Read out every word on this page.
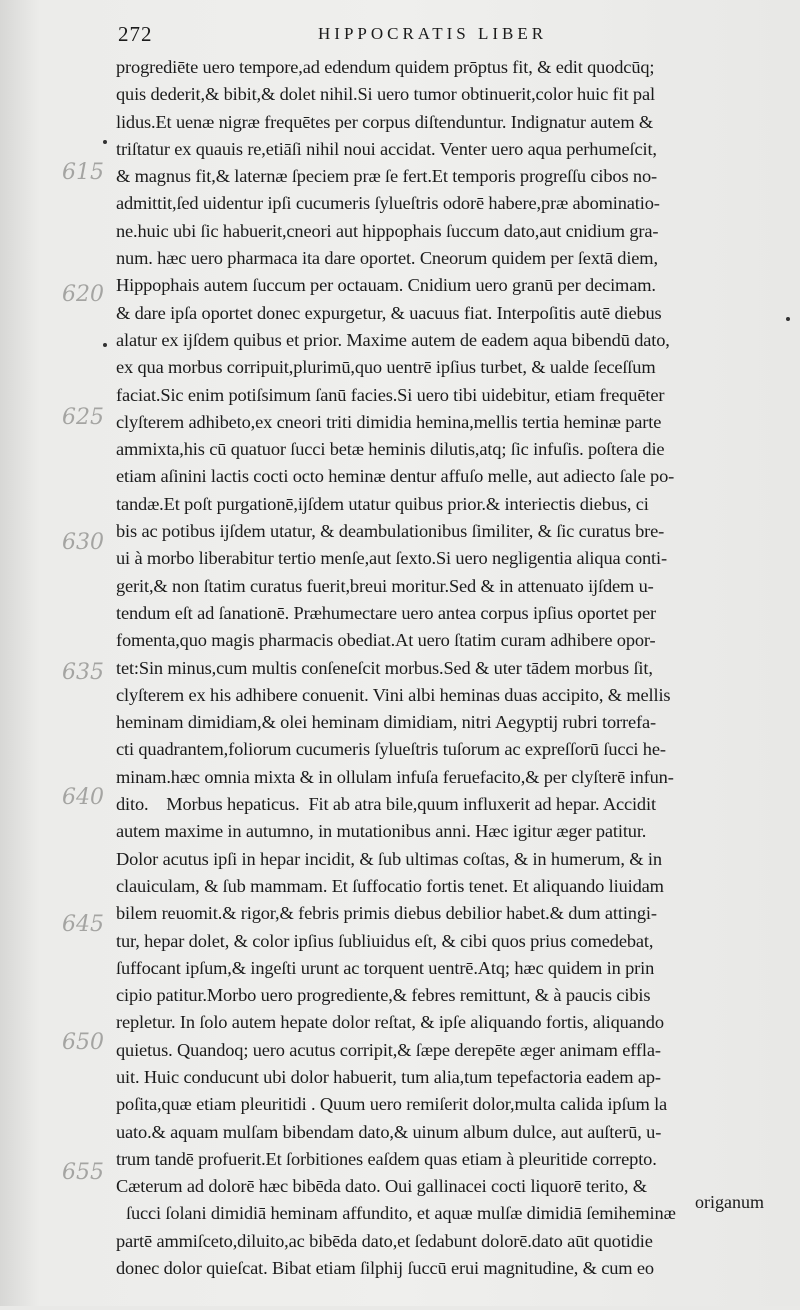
272	HIPPOCRATIS LIBER
615
620
625
630
635
640
645
650
655
progrediēte uero tempore,ad edendum quidem prōptus fit, & edit quodcūq;
quis dederit,& bibit,& dolet nihil.Si uero tumor obtinuerit,color huic fit pal
lidus.Et uenæ nigræ frequētes per corpus diſtenduntur. Indignatur autem &
triſtatur ex quauis re,etiāſi nihil noui accidat. Venter uero aqua perhumeſcit,
& magnus fit,& laternæ ſpeciem præ ſe fert.Et temporis progreſſu cibos no-
admittit,ſed uidentur ipſi cucumeris ſylueſtris odorē habere,præ abominatio-
ne.huic ubi ſic habuerit,cneori aut hippophais ſuccum dato,aut cnidium gra-
num. hæc uero pharmaca ita dare oportet. Cneorum quidem per ſextā diem,
Hippophais autem ſuccum per octauam. Cnidium uero granū per decimam.
& dare ipſa oportet donec expurgetur, & uacuus fiat. Interpoſitis autē diebus
alatur ex ijſdem quibus et prior. Maxime autem de eadem aqua bibendū dato,
ex qua morbus corripuit,plurimū,quo uentrē ipſius turbet, & ualde ſeceſſum
faciat.Sic enim potiſsimum ſanū facies.Si uero tibi uidebitur, etiam frequēter
clyſterem adhibeto,ex cneori triti dimidia hemina,mellis tertia heminæ parte
ammixta,his cū quatuor ſucci betæ heminis dilutis,atq; ſic infuſis. poſtera die
etiam aſinini lactis cocti octo heminæ dentur affuſo melle, aut adiecto ſale po-
tandæ.Et poſt purgationē,ijſdem utatur quibus prior.& interiectis diebus, ci
bis ac potibus ijſdem utatur, & deambulationibus ſimiliter, & ſic curatus bre-
ui à morbo liberabitur tertio menſe,aut ſexto.Si uero negligentia aliqua conti-
gerit,& non ſtatim curatus fuerit,breui moritur.Sed & in attenuato ijſdem u-
tendum eſt ad ſanationē. Præhumectare uero antea corpus ipſius oportet per
fomenta,quo magis pharmacis obediat.At uero ſtatim curam adhibere opor-
tet:Sin minus,cum multis conſeneſcit morbus.Sed & uter tādem morbus ſit,
clyſterem ex his adhibere conuenit. Vini albi heminas duas accipito, & mellis
heminam dimidiam,& olei heminam dimidiam, nitri Aegyptij rubri torrefa-
cti quadrantem,foliorum cucumeris ſylueſtris tuſorum ac expreſſorū ſucci he-
minam.hæc omnia mixta & in ollulam infuſa feruefacito,& per clyſterē infun-
dito.    Morbus hepaticus.  Fit ab atra bile,quum influxerit ad hepar. Accidit
autem maxime in autumno, in mutationibus anni. Hæc igitur æger patitur.
Dolor acutus ipſi in hepar incidit, & ſub ultimas coſtas, & in humerum, & in
clauiculam, & ſub mammam. Et ſuffocatio fortis tenet. Et aliquando liuidam
bilem reuomit.& rigor,& febris primis diebus debilior habet.& dum attingi-
tur, hepar dolet, & color ipſius ſubliuidus eſt, & cibi quos prius comedebat,
ſuffocant ipſum,& ingeſti urunt ac torquent uentrē.Atq; hæc quidem in prin
cipio patitur.Morbo uero progrediente,& febres remittunt, & à paucis cibis
repletur. In ſolo autem hepate dolor reſtat, & ipſe aliquando fortis, aliquando
quietus. Quandoq; uero acutus corripit,& ſæpe derepēte æger animam effla-
uit. Huic conducunt ubi dolor habuerit, tum alia,tum tepefactoria eadem ap-
poſita,quæ etiam pleuritidi . Quum uero remiſerit dolor,multa calida ipſum la
uato.& aquam mulſam bibendam dato,& uinum album dulce, aut auſterū, u-
trum tandē profuerit.Et ſorbitiones eaſdem quas etiam à pleuritide correpto.
Cæterum ad dolorē hæc bibēda dato. Oui gallinacei cocti liquorē terito, &
ſucci ſolani dimidiā heminam affundito, et aquæ mulſæ dimidiā ſemiheminæ
partē ammiſceto,diluito,ac bibēda dato,et ſedabunt dolorē.dato aūt quotidie
donec dolor quieſcat. Bibat etiam ſilphij ſuccū erui magnitudine, & cum eo
origanum
